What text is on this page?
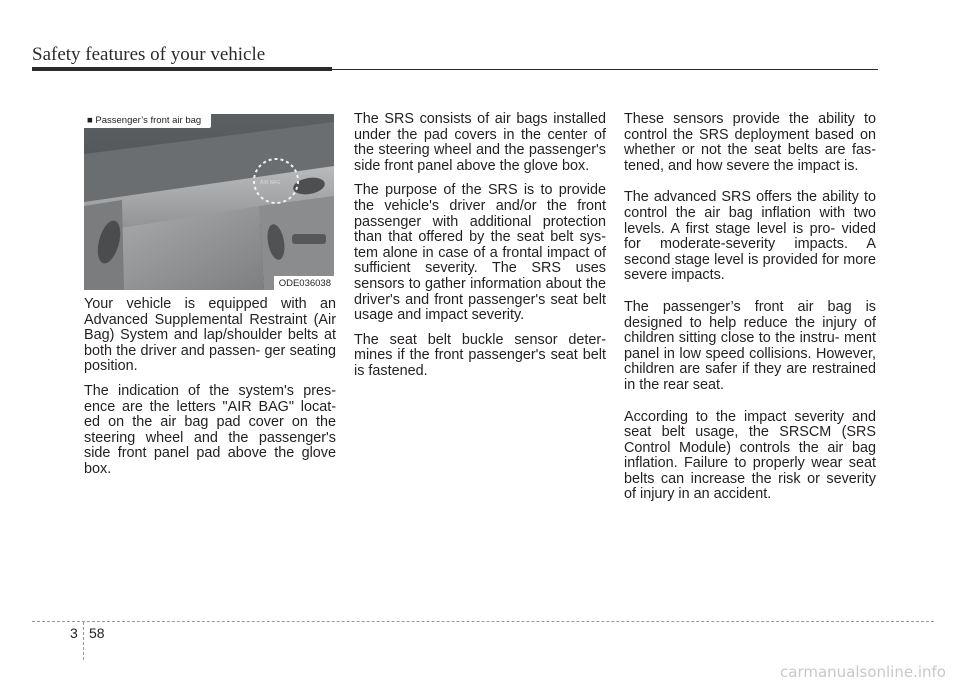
Safety features of your vehicle
AIR BAG
■ Passenger’s front air bag
ODE036038

Your vehicle is equipped with an Advanced Supplemental Restraint (Air Bag) System and lap/shoulder belts at both the driver and passen- ger seating position.

The indication of the system's pres- ence are the letters "AIR BAG" locat- ed on the air bag pad cover on the steering wheel and the passenger's side front panel pad above the glove box.

The SRS consists of air bags installed under the pad covers in the center of the steering wheel and the passenger's side front panel above the glove box.

The purpose of the SRS is to provide the vehicle's driver and/or the front passenger with additional protection than that offered by the seat belt sys- tem alone in case of a frontal impact of sufficient severity. The SRS uses sensors to gather information about the driver's and front passenger's seat belt usage and impact severity.

The seat belt buckle sensor deter- mines if the front passenger's seat belt is fastened.

These sensors provide the ability to control the SRS deployment based on whether or not the seat belts are fas- tened, and how severe the impact is.

The advanced SRS offers the ability to control the air bag inflation with two levels. A first stage level is pro- vided for moderate-severity impacts. A second stage level is provided for more severe impacts.

The passenger’s front air bag is designed to help reduce the injury of children sitting close to the instru- ment panel in low speed collisions. However, children are safer if they are restrained in the rear seat.

According to the impact severity and seat belt usage, the SRSCM (SRS Control Module) controls the air bag inflation. Failure to properly wear seat belts can increase the risk or severity of injury in an accident.

3 58
carmanualsonline.info
